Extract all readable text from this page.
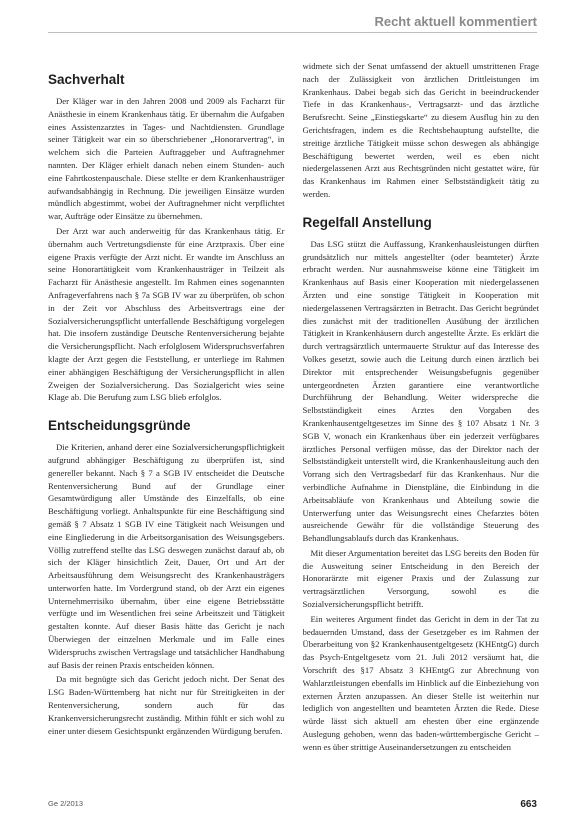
Recht aktuell kommentiert
Sachverhalt

Der Kläger war in den Jahren 2008 und 2009 als Facharzt für Anästhesie in einem Krankenhaus tätig. Er übernahm die Aufgaben eines Assistenzarztes in Tages- und Nachtdiensten. Grundlage seiner Tätigkeit war ein so überschriebener „Honorarvertrag“, in welchem sich die Parteien Auftraggeber und Auftragnehmer nannten. Der Kläger erhielt danach neben einem Stunden- auch eine Fahrtkostenpauschale. Diese stellte er dem Krankenhausträger aufwandsabhängig in Rechnung. Die jeweiligen Einsätze wurden mündlich abgestimmt, wobei der Auftragnehmer nicht verpflichtet war, Aufträge oder Einsätze zu übernehmen.

Der Arzt war auch anderweitig für das Krankenhaus tätig. Er übernahm auch Vertretungsdienste für eine Arztpraxis. Über eine eigene Praxis verfügte der Arzt nicht. Er wandte im Anschluss an seine Honorartätigkeit vom Krankenhausträger in Teilzeit als Facharzt für Anästhesie angestellt. Im Rahmen eines sogenannten Anfrageverfahrens nach § 7a SGB IV war zu überprüfen, ob schon in der Zeit vor Abschluss des Arbeitsvertrags eine der Sozialversicherungspflicht unterfallende Beschäftigung vorgelegen hat. Die insofern zuständige Deutsche Rentenversicherung bejahte die Versicherungspflicht. Nach erfolglosem Widerspruchsverfahren klagte der Arzt gegen die Feststellung, er unterliege im Rahmen einer abhängigen Beschäftigung der Versicherungspflicht in allen Zweigen der Sozialversicherung. Das Sozialgericht wies seine Klage ab. Die Berufung zum LSG blieb erfolglos.

Entscheidungsgründe

Die Kriterien, anhand derer eine Sozialversicherungspflichtigkeit aufgrund abhängiger Beschäftigung zu überprüfen ist, sind genereller bekannt. Nach § 7 a SGB IV entscheidet die Deutsche Rentenversicherung Bund auf der Grundlage einer Gesamtwürdigung aller Umstände des Einzelfalls, ob eine Beschäftigung vorliegt. Anhaltspunkte für eine Beschäftigung sind gemäß § 7 Absatz 1 SGB IV eine Tätigkeit nach Weisungen und eine Eingliederung in die Arbeitsorganisation des Weisungsgebers. Völlig zutreffend stellte das LSG deswegen zunächst darauf ab, ob sich der Kläger hinsichtlich Zeit, Dauer, Ort und Art der Arbeitsausführung dem Weisungsrecht des Krankenhausträgers unterworfen hatte. Im Vordergrund stand, ob der Arzt ein eigenes Unternehmerrisiko übernahm, über eine eigene Betriebsstätte verfügte und im Wesentlichen frei seine Arbeitszeit und Tätigkeit gestalten konnte. Auf dieser Basis hätte das Gericht je nach Überwiegen der einzelnen Merkmale und im Falle eines Widerspruchs zwischen Vertragslage und tatsächlicher Handhabung auf Basis der reinen Praxis entscheiden können.

Da mit begnügte sich das Gericht jedoch nicht. Der Senat des LSG Baden-Württemberg hat nicht nur für Streitigkeiten in der Rentenversicherung, sondern auch für das Krankenversicherungsrecht zuständig. Mithin fühlt er sich wohl zu einer unter diesem Gesichtspunkt ergänzenden Würdigung berufen.

widmete sich der Senat umfassend der aktuell umstrittenen Frage nach der Zulässigkeit von ärztlichen Drittleistungen im Krankenhaus. Dabei begab sich das Gericht in beeindruckender Tiefe in das Krankenhaus-, Vertragsarzt- und das ärztliche Berufsrecht. Seine „Einstiegskarte“ zu diesem Ausflug hin zu den Gerichtsfragen, indem es die Rechtsbehauptung aufstellte, die streitige ärztliche Tätigkeit müsse schon deswegen als abhängige Beschäftigung bewertet werden, weil es eben nicht niedergelassenen Arzt aus Rechtsgründen nicht gestattet wäre, für das Krankenhaus im Rahmen einer Selbstständigkeit tätig zu werden.

Regelfall Anstellung

Das LSG stützt die Auffassung, Krankenhausleistungen dürften grundsätzlich nur mittels angestellter (oder beamteter) Ärzte erbracht werden. Nur ausnahmsweise könne eine Tätigkeit im Krankenhaus auf Basis einer Kooperation mit niedergelassenen Ärzten und eine sonstige Tätigkeit in Kooperation mit niedergelassenen Vertragsärzten in Betracht. Das Gericht begründet dies zunächst mit der traditionellen Ausübung der ärztlichen Tätigkeit in Krankenhäusern durch angestellte Ärzte. Es erklärt die durch vertragsärztlich untermauerte Struktur auf das Interesse des Volkes gesetzt, sowie auch die Leitung durch einen ärztlich bei Direktor mit entsprechender Weisungsbefugnis gegenüber untergeordneten Ärzten garantiere eine verantwortliche Durchführung der Behandlung. Weiter widerspreche die Selbstständigkeit eines Arztes den Vorgaben des Krankenhausentgeltgesetzes im Sinne des § 107 Absatz 1 Nr. 3 SGB V, wonach ein Krankenhaus über ein jederzeit verfügbares ärztliches Personal verfügen müsse, das der Direktor nach der Selbstständigkeit unterstellt wird, die Krankenhausleitung auch den Vorrang sich den Vertragsbedarf für das Krankenhaus. Nur die verbindliche Aufnahme in Dienstpläne, die Einbindung in die Arbeitsabläufe von Krankenhaus und Abteilung sowie die Unterwerfung unter das Weisungsrecht eines Chefarztes böten ausreichende Gewähr für die vollständige Steuerung des Behandlungsablaufs durch das Krankenhaus.

Mit dieser Argumentation bereitet das LSG bereits den Boden für die Ausweitung seiner Entscheidung in den Bereich der Honorarärzte mit eigener Praxis und der Zulassung zur vertragsärztlichen Versorgung, sowohl es die Sozialversicherungspflicht betrifft.

Ein weiteres Argument findet das Gericht in dem in der Tat zu bedauernden Umstand, dass der Gesetzgeber es im Rahmen der Überarbeitung von §2 Krankenhausentgeltgesetz (KHEntgG) durch das Psych-Entgeltgesetz vom 21. Juli 2012 versäumt hat, die Vorschrift des §17 Absatz 3 KHEntgG zur Abrechnung von Wahlarztleistungen ebenfalls im Hinblick auf die Einbeziehung von externen Ärzten anzupassen. An dieser Stelle ist weiterhin nur lediglich von angestellten und beamteten Ärzten die Rede. Diese würde lässt sich aktuell am ehesten über eine ergänzende Auslegung gehoben, wenn das baden-württembergische Gericht – wenn es über strittige Auseinandersetzungen zu entscheiden

Ge 2/2013	663
